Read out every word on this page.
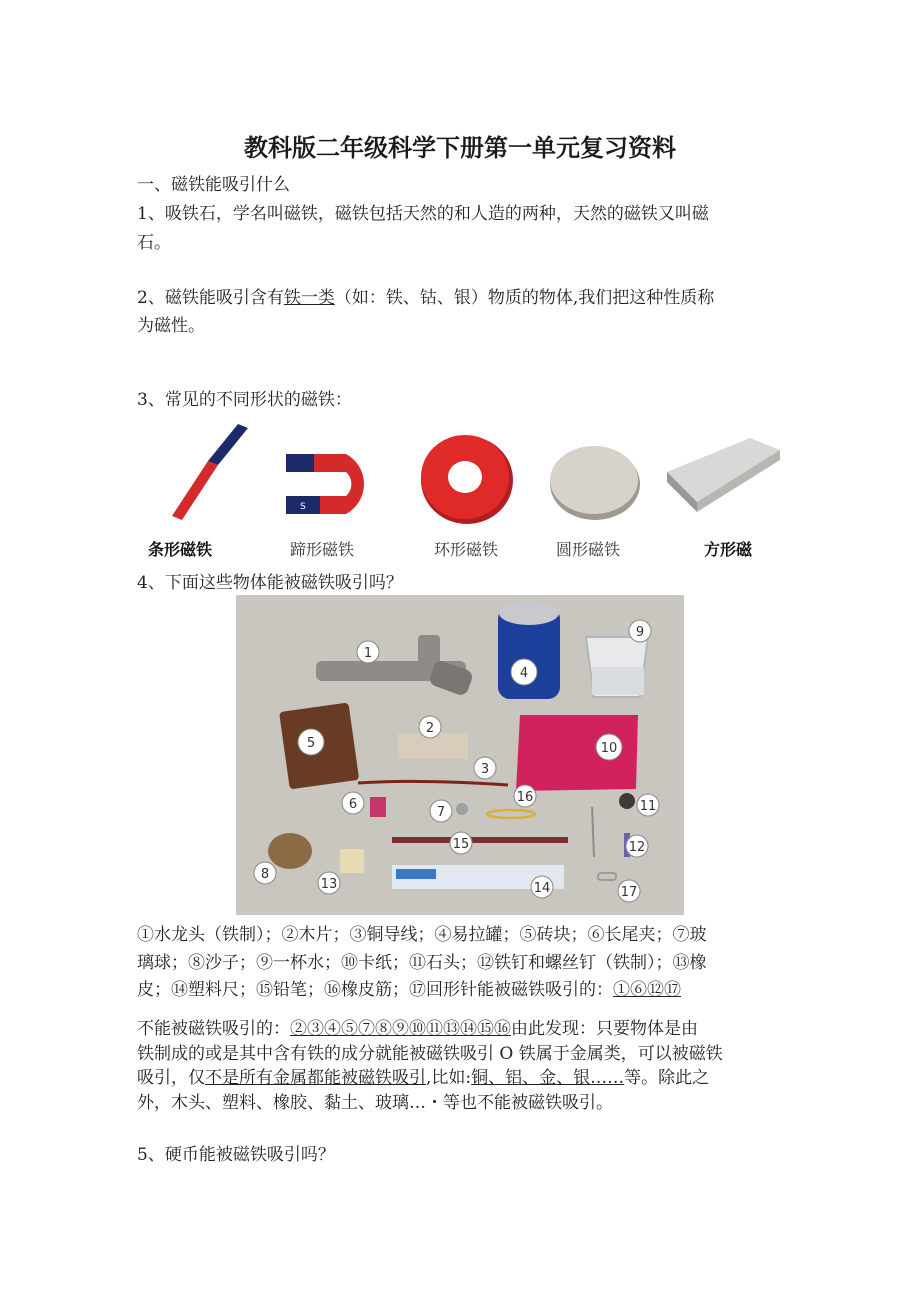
教科版二年级科学下册第一单元复习资料
一、磁铁能吸引什么
1、吸铁石，学名叫磁铁，磁铁包括天然的和人造的两种，天然的磁铁又叫磁
石。
2、磁铁能吸引含有铁一类（如：铁、钴、银）物质的物体,我们把这种性质称
为磁性。
3、常见的不同形状的磁铁：
S
条形磁铁	蹄形磁铁	环形磁铁	圆形磁铁	方形磁
4、下面这些物体能被磁铁吸引吗？
1
2
3
4
5
6
7
8
9
10
11
12
13	14
15
16
17
①水龙头（铁制）；②木片；③铜导线；④易拉罐；⑤砖块；⑥长尾夹；⑦玻
璃球；⑧沙子；⑨一杯水；⑩卡纸；⑪石头；⑫铁钉和螺丝钉（铁制）；⑬橡
皮；⑭塑料尺；⑮铅笔；⑯橡皮筋；⑰回形针能被磁铁吸引的：①⑥⑫⑰
不能被磁铁吸引的：②③④⑤⑦⑧⑨⑩⑪⑬⑭⑮⑯由此发现：只要物体是由
铁制成的或是其中含有铁的成分就能被磁铁吸引 O 铁属于金属类，可以被磁铁
吸引，仅不是所有金属都能被磁铁吸引,比如:铜、铝、金、银……等。除此之
外，木头、塑料、橡胶、黏土、玻璃…・等也不能被磁铁吸引。
5、硬币能被磁铁吸引吗？
